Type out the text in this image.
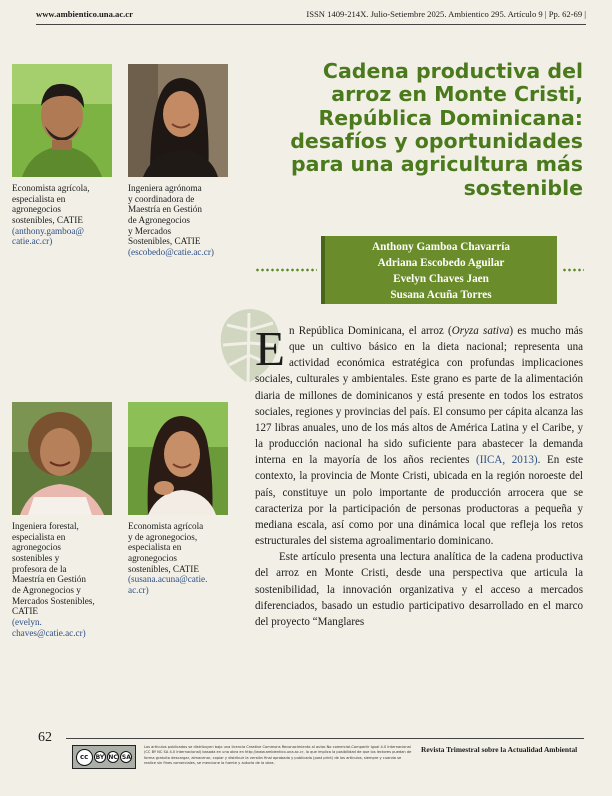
www.ambientico.una.ac.cr	ISSN 1409-214X. Julio-Setiembre 2025. Ambientico 295. Artículo 9 | Pp. 62-69 |
Economista agrícola,
especialista en
agronegocios
sostenibles, CATIE
(anthony.gamboa@
catie.ac.cr)
Ingeniera agrónoma
y coordinadora de
Maestría en Gestión
de Agronegocios
y Mercados
Sostenibles, CATIE
(escobedo@catie.ac.cr)
Ingeniera forestal,
especialista en
agronegocios
sostenibles y
profesora de la
Maestría en Gestión
de Agronegocios y
Mercados Sostenibles,
CATIE
(evelyn.
chaves@catie.ac.cr)
Economista agrícola
y de agronegocios,
especialista en
agronegocios
sostenibles, CATIE
(susana.acuna@catie.
ac.cr)
Cadena productiva del
arroz en Monte Cristi,
República Dominicana:
desafíos y oportunidades
para una agricultura más
sostenible
Anthony Gamboa Chavarría
Adriana Escobedo Aguilar
Evelyn Chaves Jaen
Susana Acuña Torres

En República Dominicana, el arroz (Oryza sativa) es mucho más que un cultivo básico en la dieta nacional; representa una actividad económica estratégica con profundas implicaciones sociales, culturales y ambientales. Este grano es parte de la alimentación diaria de millones de dominicanos y está presente en todos los estratos sociales, regiones y provincias del país. El consumo per cápita alcanza las 127 libras anuales, uno de los más altos de América Latina y el Caribe, y la producción nacional ha sido suficiente para abastecer la demanda interna en la mayoría de los años recientes (IICA, 2013). En este contexto, la provincia de Monte Cristi, ubicada en la región noroeste del país, constituye un polo importante de producción arrocera que se caracteriza por la participación de personas productoras a pequeña y mediana escala, así como por una dinámica local que refleja los retos estructurales del sistema agroalimentario dominicano.

Este artículo presenta una lectura analítica de la cadena productiva del arroz en Monte Cristi, desde una perspectiva que articula la sostenibilidad, la innovación organizativa y el acceso a mercados diferenciados, basado un estudio participativo desarrollado en el marco del proyecto “Manglares

62
cc	BY NC SA
Los artículos publicados se distribuyen bajo una licencia Creative Commons Reconocimiento al autor-No comercial-Compartir igual 4.0 Internacional (CC BY NC SA 4.0 Internacional) basada en una obra en http://www.ambientico.una.ac.cr, lo que implica la posibilidad de que los lectores puedan de forma gratuita descargar, almacenar, copiar y distribuir la versión final aprobada y publicada (post print) de los artículos, siempre y cuando se realice sin fines comerciales, se mencione la fuente y autoría de la obra.
Revista Trimestral sobre la Actualidad Ambiental
